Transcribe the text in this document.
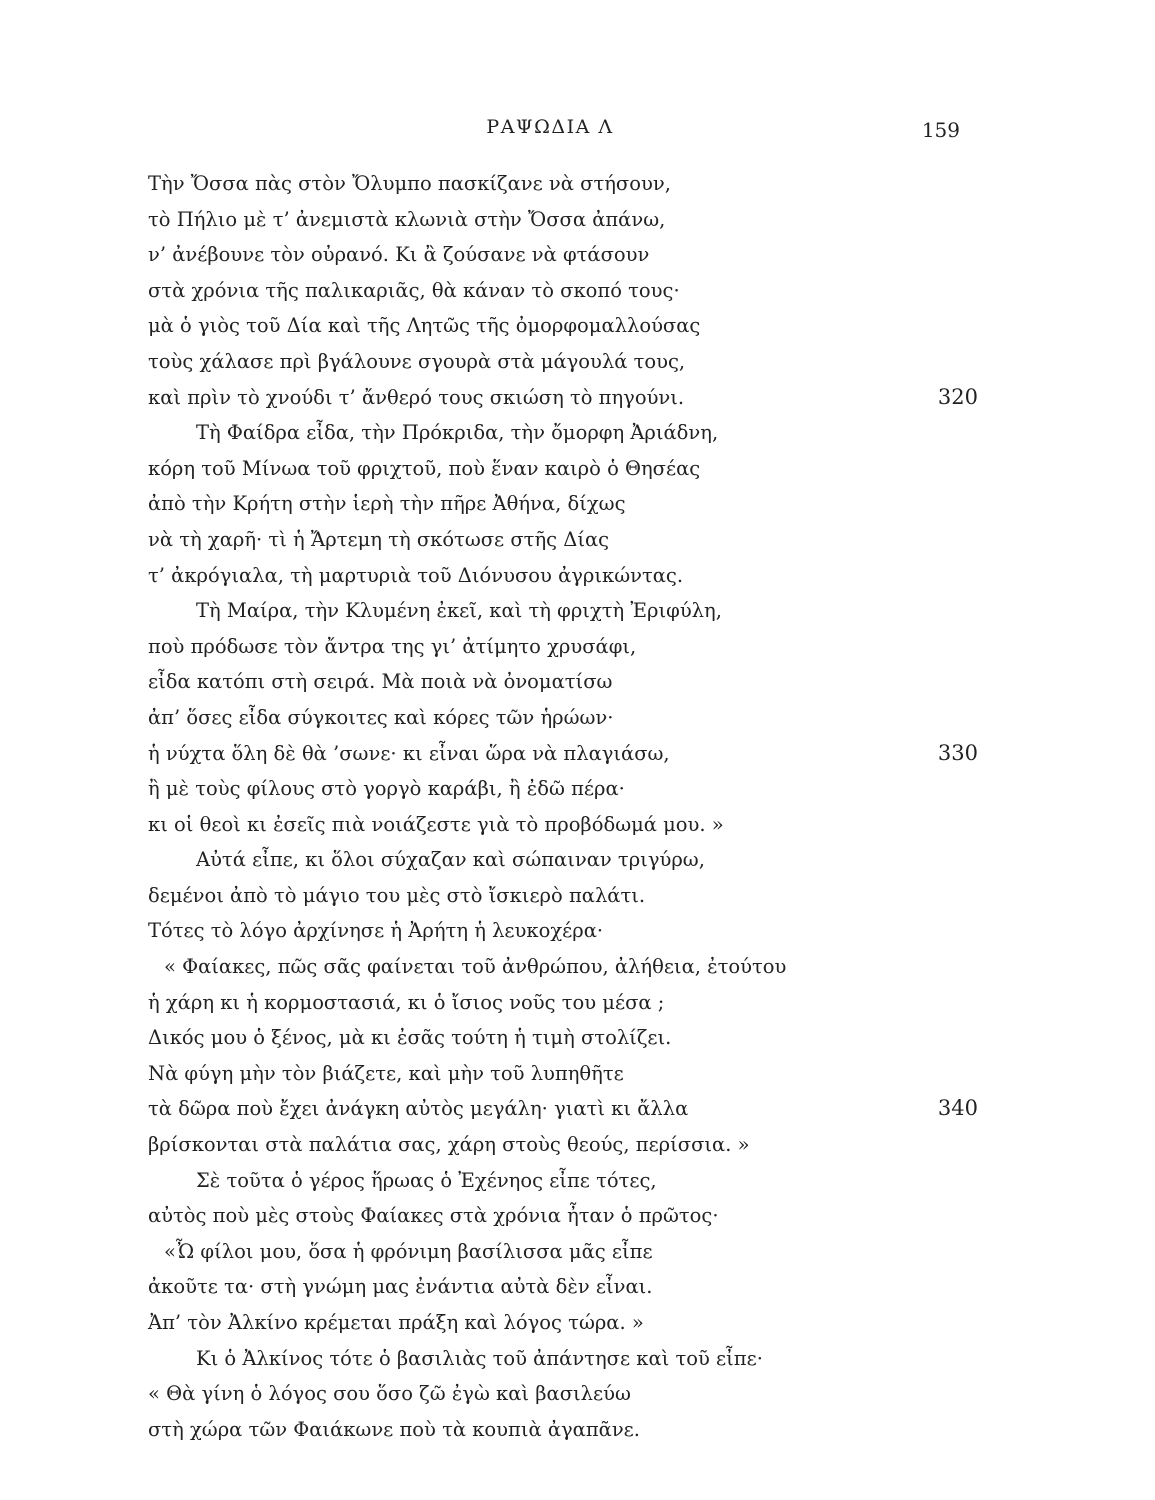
ΡΑΨΩΔΙΑ Λ	159
Τὴν Ὄσσα πὰς στὸν Ὄλυμπο πασκίζανε νὰ στήσουν,
τὸ Πήλιο μὲ τ’ ἀνεμιστὰ κλωνιὰ στὴν Ὄσσα ἀπάνω,
ν’ ἀνέβουνε τὸν οὐρανό. Κι ἂ ζούσανε νὰ φτάσουν
στὰ χρόνια τῆς παλικαριᾶς, θὰ κάναν τὸ σκοπό τους·
μὰ ὁ γιὸς τοῦ Δία καὶ τῆς Λητῶς τῆς ὀμορφομαλλούσας
τοὺς χάλασε πρὶ βγάλουνε σγουρὰ στὰ μάγουλά τους,
καὶ πρὶν τὸ χνούδι τ’ ἄνθερό τους σκιώση τὸ πηγούνι.	320
Τὴ Φαίδρα εἶδα, τὴν Πρόκριδα, τὴν ὄμορφη Ἀριάδνη,
κόρη τοῦ Μίνωα τοῦ φριχτοῦ, ποὺ ἕναν καιρὸ ὁ Θησέας
ἀπὸ τὴν Κρήτη στὴν ἱερὴ τὴν πῆρε Ἀθήνα, δίχως
νὰ τὴ χαρῆ· τὶ ἡ Ἄρτεμη τὴ σκότωσε στῆς Δίας
τ’ ἀκρόγιαλα, τὴ μαρτυριὰ τοῦ Διόνυσου ἀγρικώντας.
Τὴ Μαίρα, τὴν Κλυμένη ἐκεῖ, καὶ τὴ φριχτὴ Ἐριφύλη,
ποὺ πρόδωσε τὸν ἄντρα της γι’ ἀτίμητο χρυσάφι,
εἶδα κατόπι στὴ σειρά. Μὰ ποιὰ νὰ ὀνοματίσω
ἀπ’ ὅσες εἶδα σύγκοιτες καὶ κόρες τῶν ἡρώων·
ἡ νύχτα ὅλη δὲ θὰ ’σωνε· κι εἶναι ὥρα νὰ πλαγιάσω,	330
ἢ μὲ τοὺς φίλους στὸ γοργὸ καράβι, ἢ ἐδῶ πέρα·
κι οἱ θεοὶ κι ἐσεῖς πιὰ νοιάζεστε γιὰ τὸ προβόδωμά μου. »
Αὐτά εἶπε, κι ὅλοι σύχαζαν καὶ σώπαιναν τριγύρω,
δεμένοι ἀπὸ τὸ μάγιο του μὲς στὸ ἴσκιερὸ παλάτι.
Τότες τὸ λόγο ἀρχίνησε ἡ Ἀρήτη ἡ λευκοχέρα·
« Φαίακες, πῶς σᾶς φαίνεται τοῦ ἀνθρώπου, ἀλήθεια, ἐτούτου
ἡ χάρη κι ἡ κορμοστασιά, κι ὁ ἴσιος νοῦς του μέσα ;
Δικός μου ὁ ξένος, μὰ κι ἐσᾶς τούτη ἡ τιμὴ στολίζει.
Νὰ φύγη μὴν τὸν βιάζετε, καὶ μὴν τοῦ λυπηθῆτε
τὰ δῶρα ποὺ ἔχει ἀνάγκη αὐτὸς μεγάλη· γιατὶ κι ἄλλα	340
βρίσκονται στὰ παλάτια σας, χάρη στοὺς θεούς, περίσσια. »
Σὲ τοῦτα ὁ γέρος ἥρωας ὁ Ἐχένηος εἶπε τότες,
αὐτὸς ποὺ μὲς στοὺς Φαίακες στὰ χρόνια ἦταν ὁ πρῶτος·
«Ὦ φίλοι μου, ὅσα ἡ φρόνιμη βασίλισσα μᾶς εἶπε
ἀκοῦτε τα· στὴ γνώμη μας ἐνάντια αὐτὰ δὲν εἶναι.
Ἀπ’ τὸν Ἀλκίνο κρέμεται πράξη καὶ λόγος τώρα. »
Κι ὁ Ἀλκίνος τότε ὁ βασιλιὰς τοῦ ἀπάντησε καὶ τοῦ εἶπε·
« Θὰ γίνη ὁ λόγος σου ὅσο ζῶ ἐγὼ καὶ βασιλεύω
στὴ χώρα τῶν Φαιάκωνε ποὺ τὰ κουπιὰ ἀγαπᾶνε.
